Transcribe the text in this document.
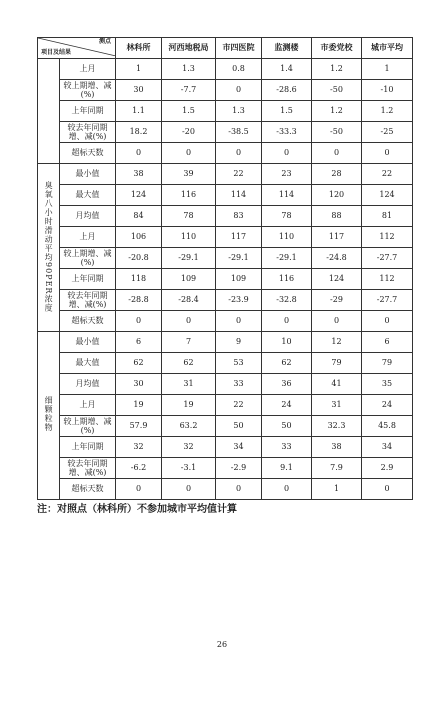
测点
项目及结果		林科所	河西地税局	市四医院	监测楼	市委党校	城市平均
	上月	1	1.3	0.8	1.4	1.2	1
	较上期增、减(%)	30	-7.7	0	-28.6	-50	-10
	上年同期	1.1	1.5	1.3	1.5	1.2	1.2
	较去年同期增、减(%)	18.2	-20	-38.5	-33.3	-50	-25
	超标天数	0	0	0	0	0	0
臭氧八小时滑动平均90PER浓度	最小值	38	39	22	23	28	22
	最大值	124	116	114	114	120	124
	月均值	84	78	83	78	88	81
	上月	106	110	117	110	117	112
	较上期增、减(%)	-20.8	-29.1	-29.1	-29.1	-24.8	-27.7
	上年同期	118	109	109	116	124	112
	较去年同期增、减(%)	-28.8	-28.4	-23.9	-32.8	-29	-27.7
	超标天数	0	0	0	0	0	0
细颗粒物	最小值	6	7	9	10	12	6
	最大值	62	62	53	62	79	79
	月均值	30	31	33	36	41	35
	上月	19	19	22	24	31	24
	较上期增、减(%)	57.9	63.2	50	50	32.3	45.8
	上年同期	32	32	34	33	38	34
	较去年同期增、减(%)	-6.2	-3.1	-2.9	9.1	7.9	2.9
	超标天数	0	0	0	0	1	0
注：对照点（林科所）不参加城市平均值计算
26
